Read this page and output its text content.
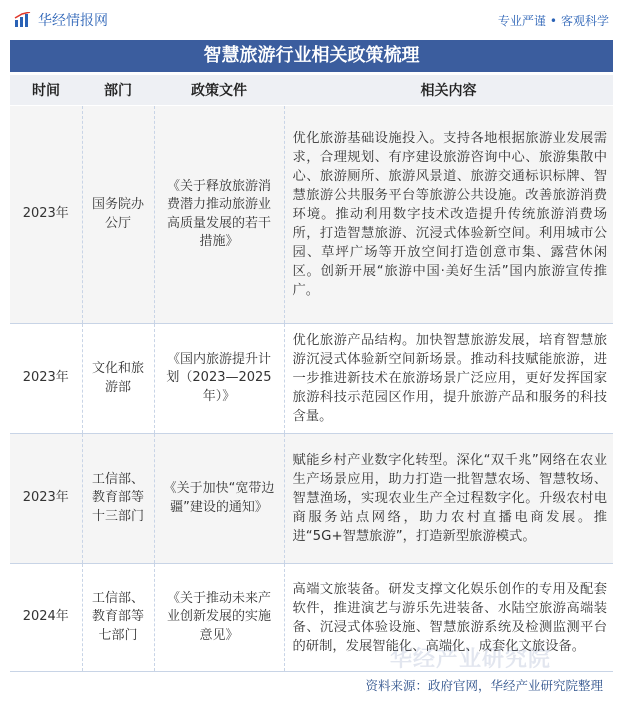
华经情报网	专业严谨 • 客观科学
智慧旅游行业相关政策梳理
时间	部门	政策文件	相关内容
2023年	国务院办公厅	《关于释放旅游消费潜力推动旅游业高质量发展的若干措施》	优化旅游基础设施投入。支持各地根据旅游业发展需求，合理规划、有序建设旅游咨询中心、旅游集散中心、旅游厕所、旅游风景道、旅游交通标识标牌、智慧旅游公共服务平台等旅游公共设施。改善旅游消费环境。推动利用数字技术改造提升传统旅游消费场所，打造智慧旅游、沉浸式体验新空间。利用城市公园、草坪广场等开放空间打造创意市集、露营休闲区。创新开展“旅游中国·美好生活”国内旅游宣传推广。
2023年	文化和旅游部	《国内旅游提升计划（2023—2025年）》	优化旅游产品结构。加快智慧旅游发展，培育智慧旅游沉浸式体验新空间新场景。推动科技赋能旅游，进一步推进新技术在旅游场景广泛应用，更好发挥国家旅游科技示范园区作用，提升旅游产品和服务的科技含量。
2023年	工信部、教育部等十三部门	《关于加快“宽带边疆”建设的通知》	赋能乡村产业数字化转型。深化“双千兆”网络在农业生产场景应用，助力打造一批智慧农场、智慧牧场、智慧渔场，实现农业生产全过程数字化。升级农村电商服务站点网络，助力农村直播电商发展。推进“5G+智慧旅游”，打造新型旅游模式。
2024年	工信部、教育部等七部门	《关于推动未来产业创新发展的实施意见》	高端文旅装备。研发支撑文化娱乐创作的专用及配套软件，推进演艺与游乐先进装备、水陆空旅游高端装备、沉浸式体验设施、智慧旅游系统及检测监测平台的研制，发展智能化、高端化、成套化文旅设备。
华经产业研究院
资料来源：政府官网，华经产业研究院整理
